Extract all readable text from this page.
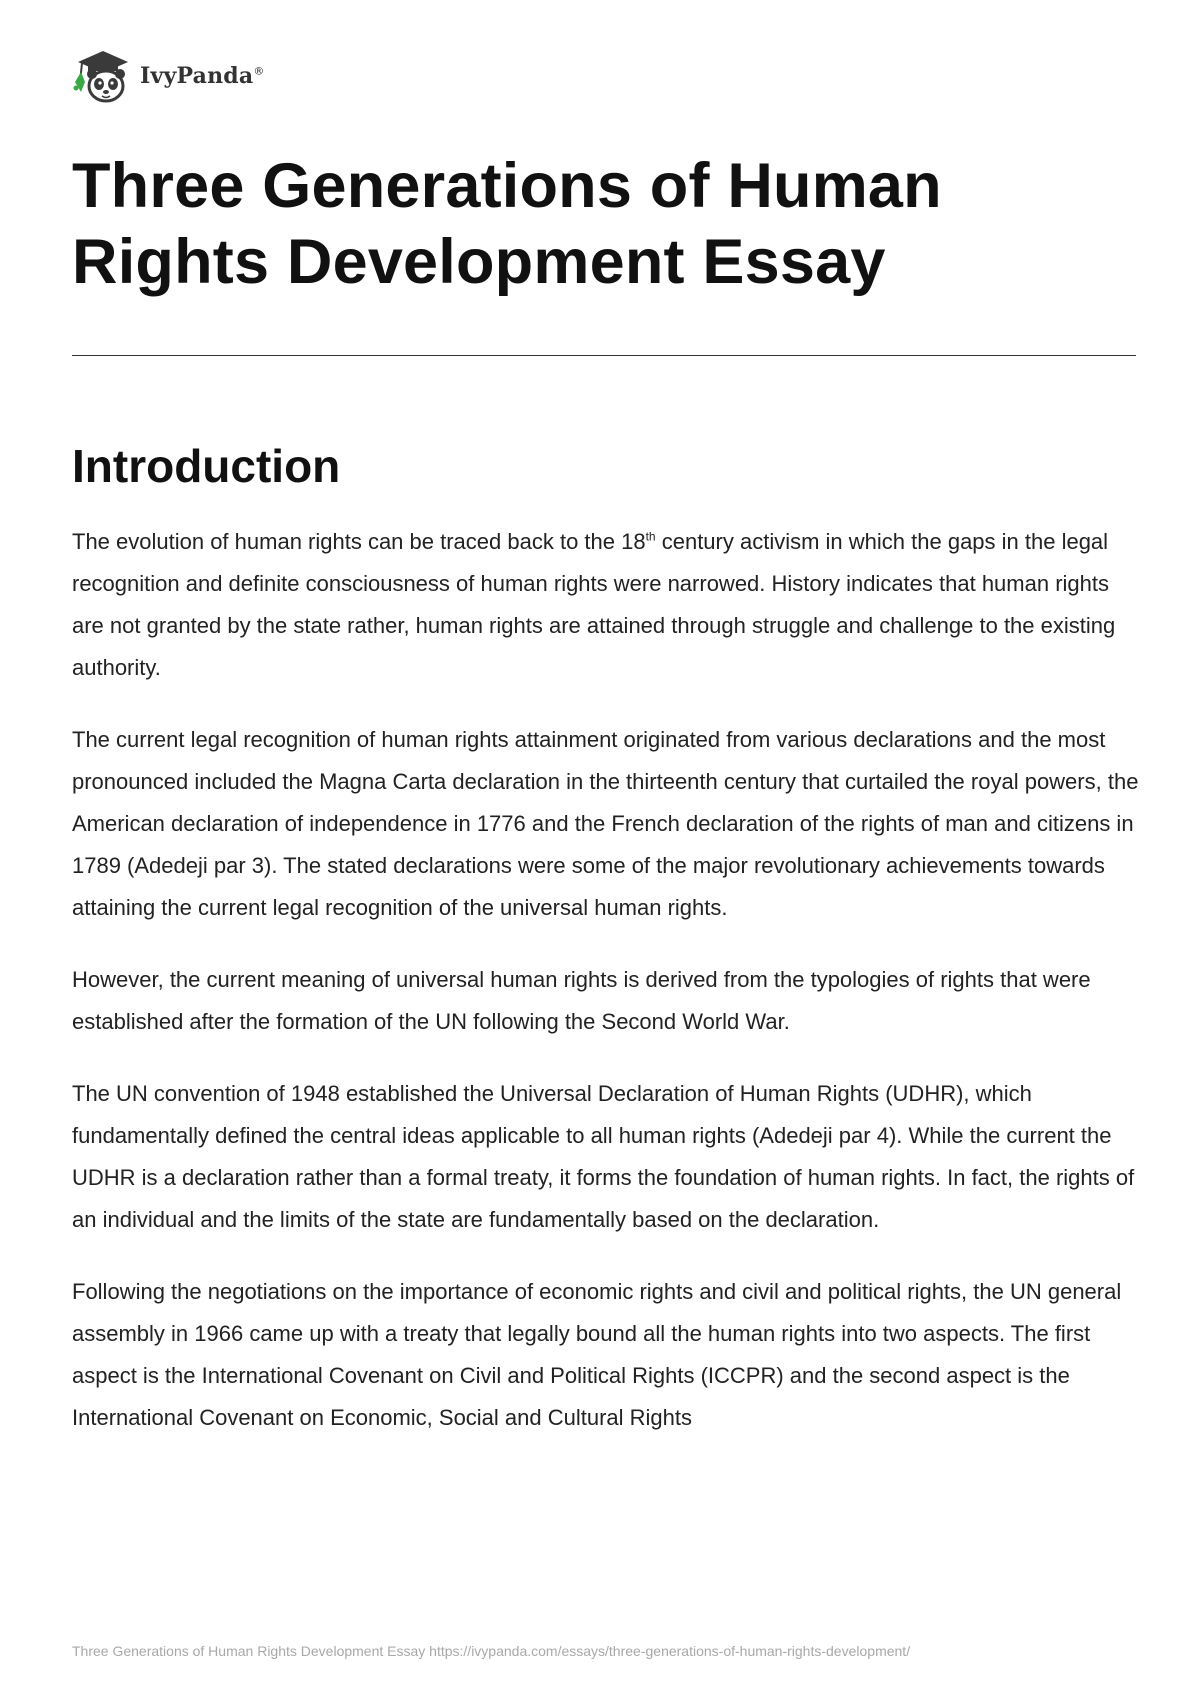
IvyPanda®
Three Generations of Human Rights Development Essay
Introduction

The evolution of human rights can be traced back to the 18th century activism in which the gaps in the legal recognition and definite consciousness of human rights were narrowed. History indicates that human rights are not granted by the state rather, human rights are attained through struggle and challenge to the existing authority.

The current legal recognition of human rights attainment originated from various declarations and the most pronounced included the Magna Carta declaration in the thirteenth century that curtailed the royal powers, the American declaration of independence in 1776 and the French declaration of the rights of man and citizens in 1789 (Adedeji par 3). The stated declarations were some of the major revolutionary achievements towards attaining the current legal recognition of the universal human rights.

However, the current meaning of universal human rights is derived from the typologies of rights that were established after the formation of the UN following the Second World War.

The UN convention of 1948 established the Universal Declaration of Human Rights (UDHR), which fundamentally defined the central ideas applicable to all human rights (Adedeji par 4). While the current the UDHR is a declaration rather than a formal treaty, it forms the foundation of human rights. In fact, the rights of an individual and the limits of the state are fundamentally based on the declaration.

Following the negotiations on the importance of economic rights and civil and political rights, the UN general assembly in 1966 came up with a treaty that legally bound all the human rights into two aspects. The first aspect is the International Covenant on Civil and Political Rights (ICCPR) and the second aspect is the International Covenant on Economic, Social and Cultural Rights

Three Generations of Human Rights Development Essay https://ivypanda.com/essays/three-generations-of-human-rights-development/
